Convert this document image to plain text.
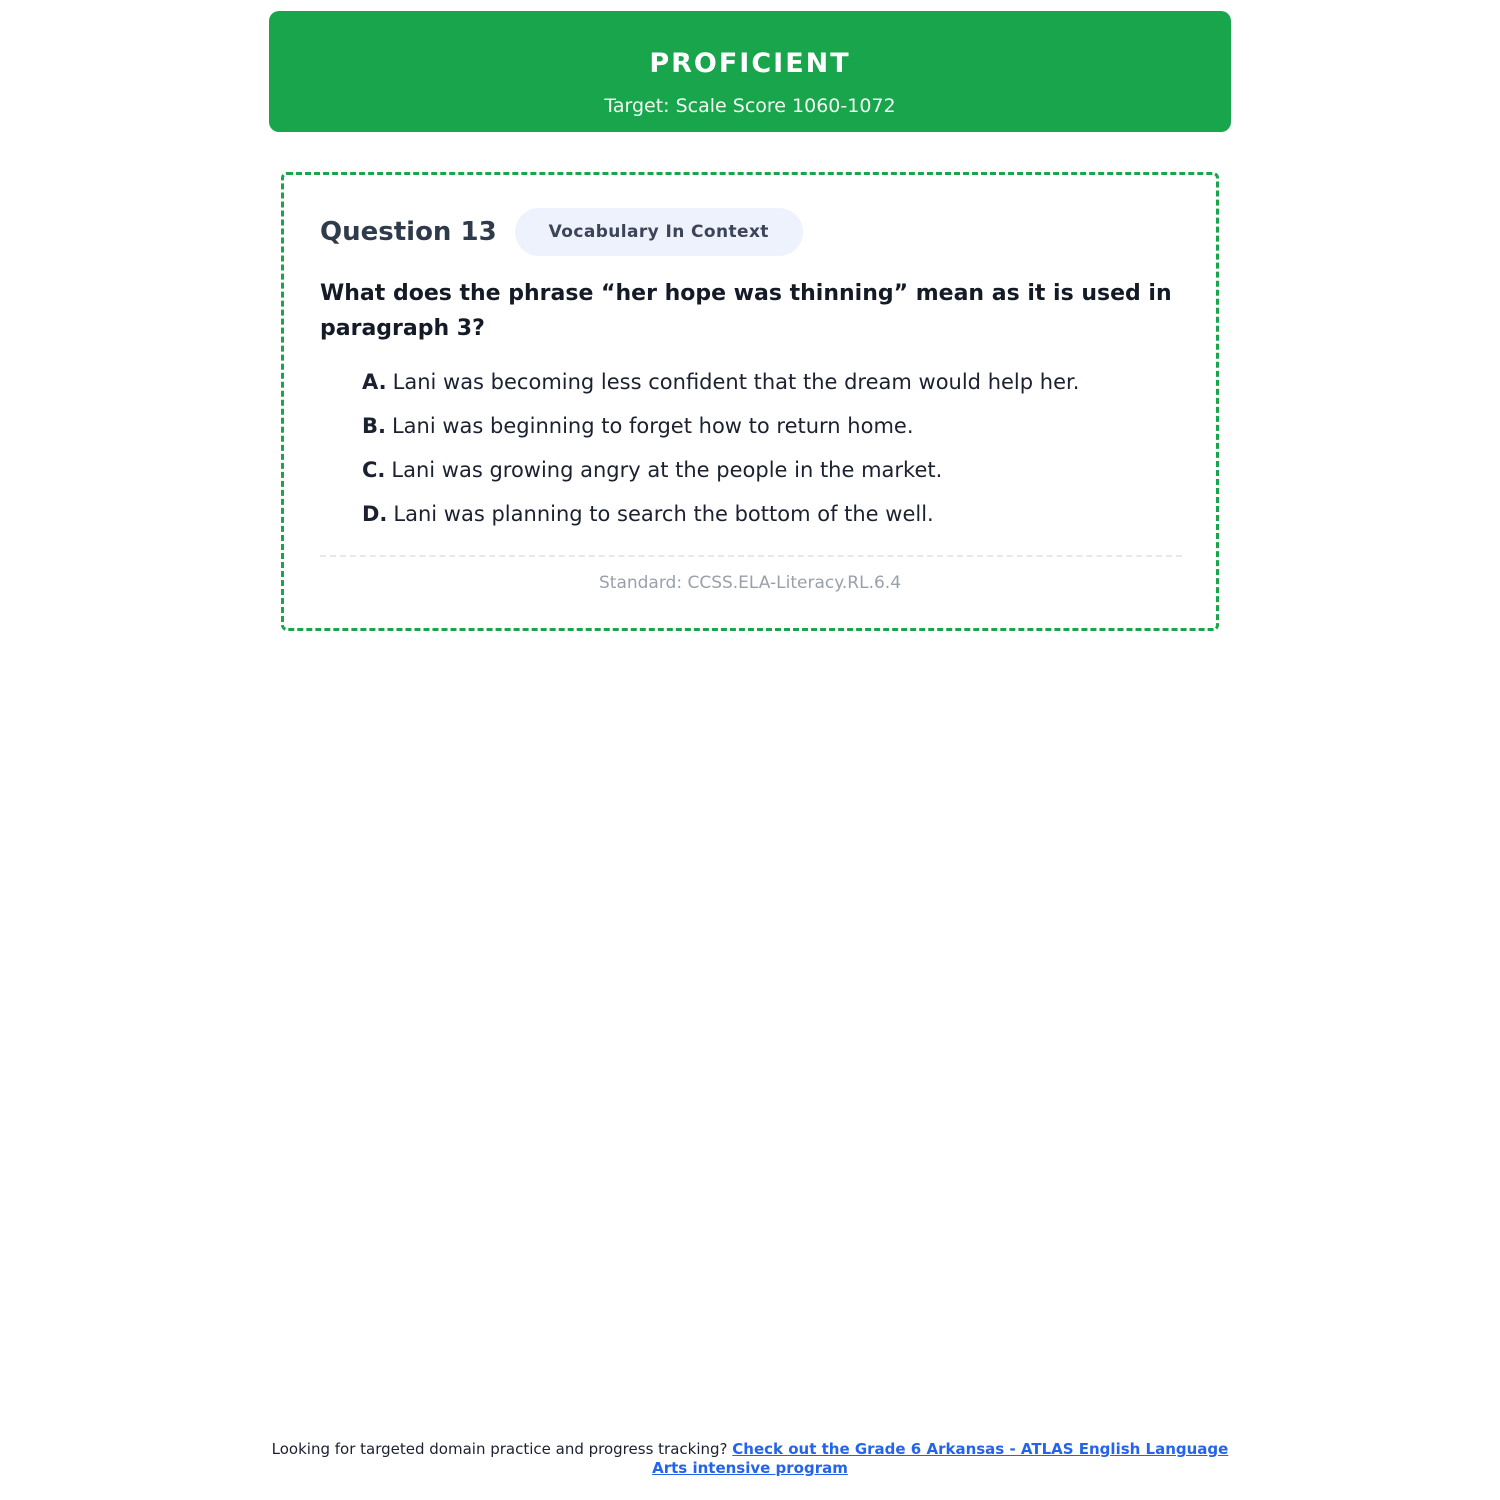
PROFICIENT
Target: Scale Score 1060-1072
Question 13	Vocabulary In Context
What does the phrase “her hope was thinning” mean as it is used in paragraph 3?
A. Lani was becoming less confident that the dream would help her.
B. Lani was beginning to forget how to return home.
C. Lani was growing angry at the people in the market.
D. Lani was planning to search the bottom of the well.
Standard: CCSS.ELA-Literacy.RL.6.4
Looking for targeted domain practice and progress tracking? Check out the Grade 6 Arkansas - ATLAS English Language Arts intensive program
